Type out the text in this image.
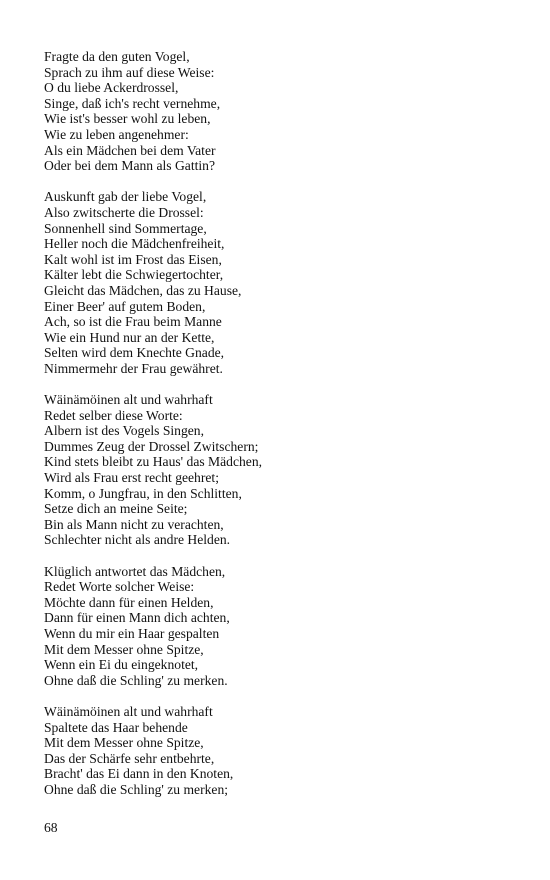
Fragte da den guten Vogel,
Sprach zu ihm auf diese Weise:
O du liebe Ackerdrossel,
Singe, daß ich's recht vernehme,
Wie ist's besser wohl zu leben,
Wie zu leben angenehmer:
Als ein Mädchen bei dem Vater
Oder bei dem Mann als Gattin?
Auskunft gab der liebe Vogel,
Also zwitscherte die Drossel:
Sonnenhell sind Sommertage,
Heller noch die Mädchenfreiheit,
Kalt wohl ist im Frost das Eisen,
Kälter lebt die Schwiegertochter,
Gleicht das Mädchen, das zu Hause,
Einer Beer' auf gutem Boden,
Ach, so ist die Frau beim Manne
Wie ein Hund nur an der Kette,
Selten wird dem Knechte Gnade,
Nimmermehr der Frau gewähret.
Wäinämöinen alt und wahrhaft
Redet selber diese Worte:
Albern ist des Vogels Singen,
Dummes Zeug der Drossel Zwitschern;
Kind stets bleibt zu Haus' das Mädchen,
Wird als Frau erst recht geehret;
Komm, o Jungfrau, in den Schlitten,
Setze dich an meine Seite;
Bin als Mann nicht zu verachten,
Schlechter nicht als andre Helden.
Klüglich antwortet das Mädchen,
Redet Worte solcher Weise:
Möchte dann für einen Helden,
Dann für einen Mann dich achten,
Wenn du mir ein Haar gespalten
Mit dem Messer ohne Spitze,
Wenn ein Ei du eingeknotet,
Ohne daß die Schling' zu merken.
Wäinämöinen alt und wahrhaft
Spaltete das Haar behende
Mit dem Messer ohne Spitze,
Das der Schärfe sehr entbehrte,
Bracht' das Ei dann in den Knoten,
Ohne daß die Schling' zu merken;
68
